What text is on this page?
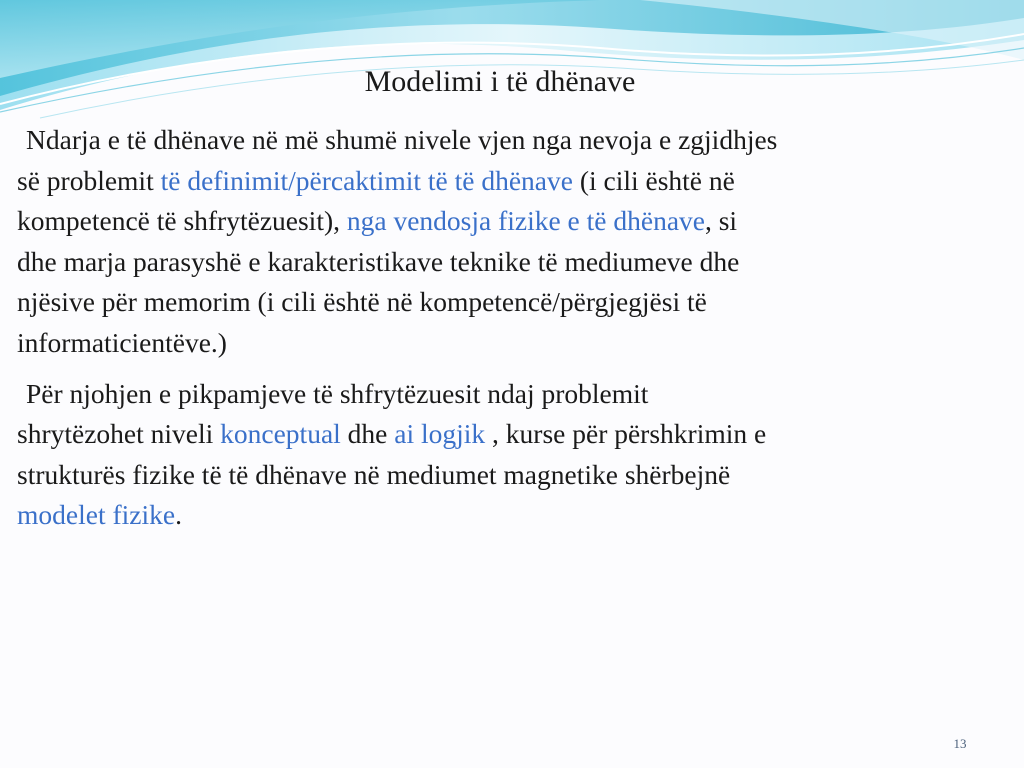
Modelimi i të dhënave

Ndarja e të dhënave në më shumë nivele vjen nga nevoja e zgjidhjes
së problemit të definimit/përcaktimit të të dhënave (i cili është në
kompetencë të shfrytëzuesit), nga vendosja fizike e të dhënave, si
dhe marja parasyshë e karakteristikave teknike të mediumeve dhe
njësive për memorim (i cili është në kompetencë/përgjegjësi të
informaticientëve.)

Për njohjen e pikpamjeve të shfrytëzuesit ndaj problemit
shrytëzohet niveli konceptual dhe ai logjik , kurse për përshkrimin e
strukturës fizike të të dhënave në mediumet magnetike shërbejnë
modelet fizike.

13
